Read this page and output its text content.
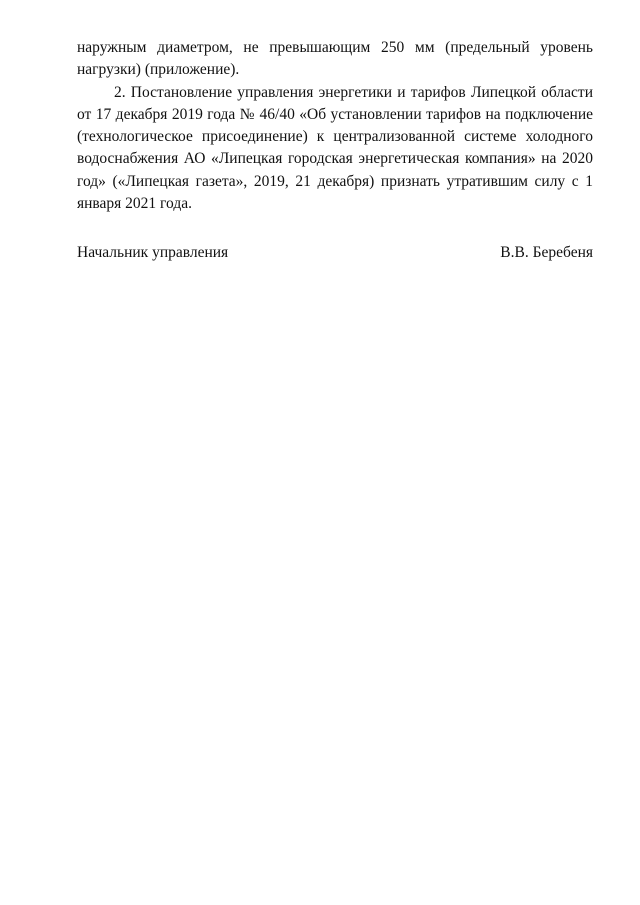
наружным диаметром, не превышающим 250 мм (предельный уровень нагрузки) (приложение).

2. Постановление управления энергетики и тарифов Липецкой области от 17 декабря 2019 года № 46/40 «Об установлении тарифов на подключение (технологическое присоединение) к централизованной системе холодного водоснабжения АО «Липецкая городская энергетическая компания» на 2020 год» («Липецкая газета», 2019, 21 декабря) признать утратившим силу с 1 января 2021 года.

Начальник управления	В.В. Беребеня
